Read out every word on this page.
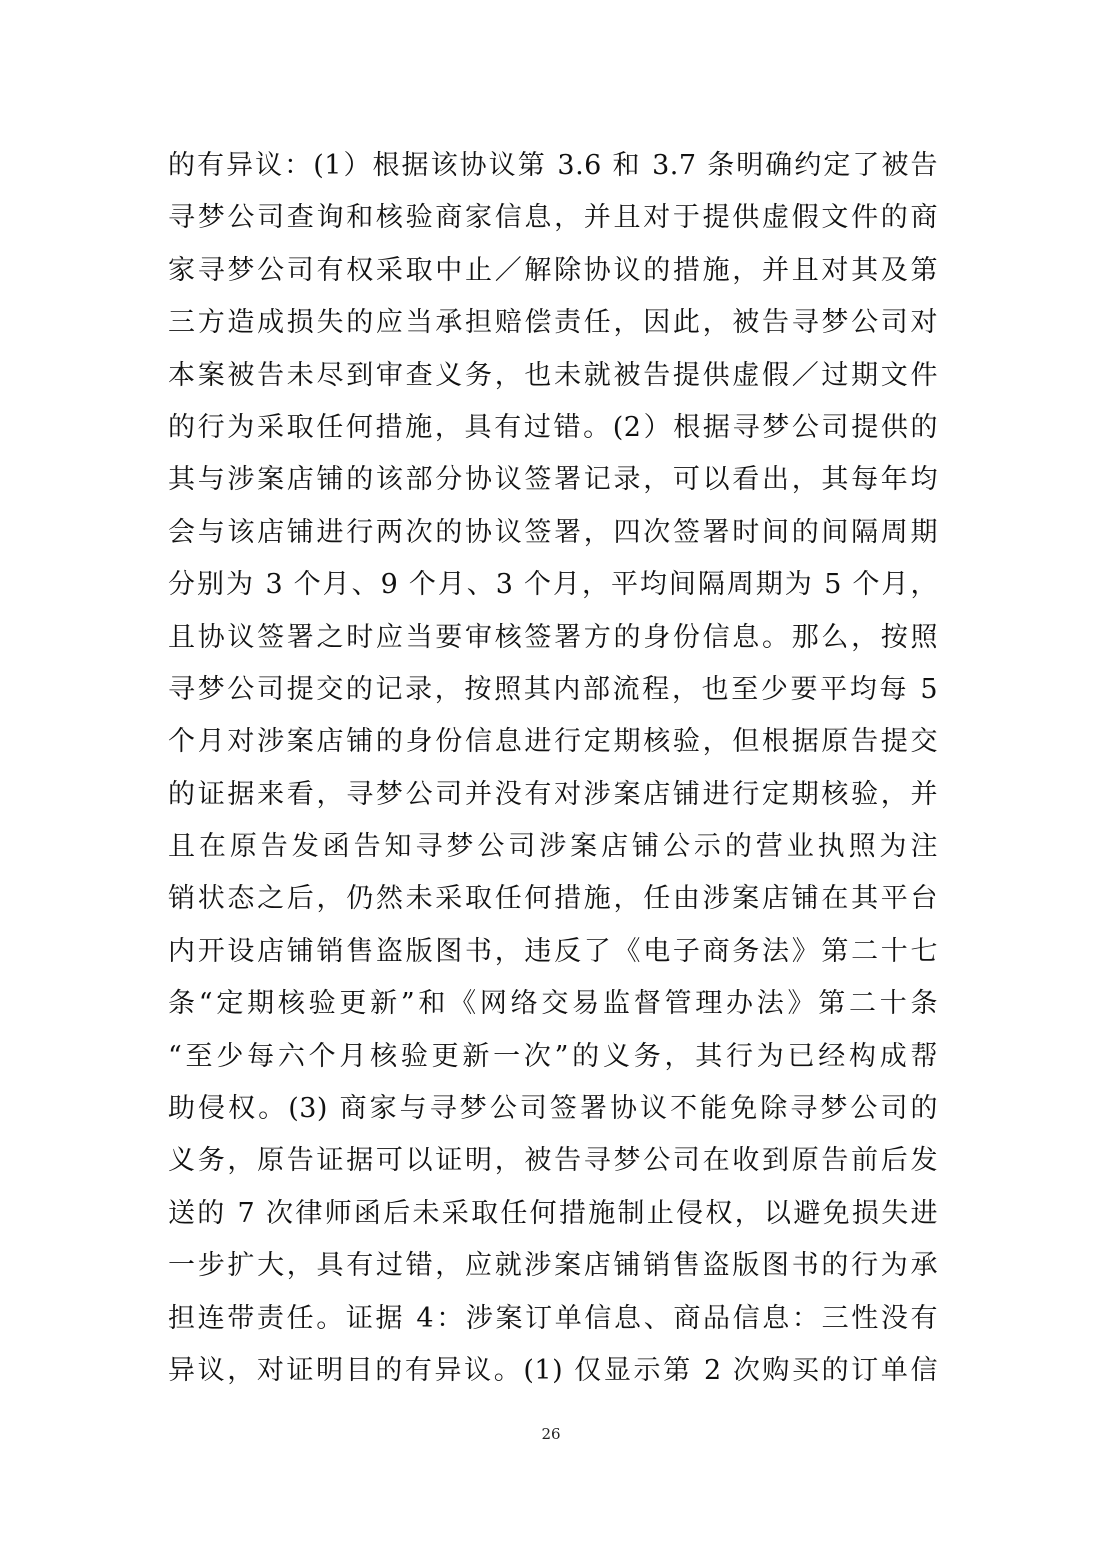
的有异议：(1）根据该协议第 3.6 和 3.7 条明确约定了被告
寻梦公司查询和核验商家信息，并且对于提供虚假文件的商
家寻梦公司有权采取中止／解除协议的措施，并且对其及第
三方造成损失的应当承担赔偿责任，因此，被告寻梦公司对
本案被告未尽到审查义务，也未就被告提供虚假／过期文件
的行为采取任何措施，具有过错。(2）根据寻梦公司提供的
其与涉案店铺的该部分协议签署记录，可以看出，其每年均
会与该店铺进行两次的协议签署，四次签署时间的间隔周期
分别为 3 个月、9 个月、3 个月，平均间隔周期为 5 个月，
且协议签署之时应当要审核签署方的身份信息。那么，按照
寻梦公司提交的记录，按照其内部流程，也至少要平均每 5
个月对涉案店铺的身份信息进行定期核验，但根据原告提交
的证据来看，寻梦公司并没有对涉案店铺进行定期核验，并
且在原告发函告知寻梦公司涉案店铺公示的营业执照为注
销状态之后，仍然未采取任何措施，任由涉案店铺在其平台
内开设店铺销售盗版图书，违反了《电子商务法》第二十七
条“定期核验更新”和《网络交易监督管理办法》第二十条
“至少每六个月核验更新一次”的义务，其行为已经构成帮
助侵权。(3) 商家与寻梦公司签署协议不能免除寻梦公司的
义务，原告证据可以证明，被告寻梦公司在收到原告前后发
送的 7 次律师函后未采取任何措施制止侵权，以避免损失进
一步扩大，具有过错，应就涉案店铺销售盗版图书的行为承
担连带责任。证据 4：涉案订单信息、商品信息：三性没有
异议，对证明目的有异议。(1) 仅显示第 2 次购买的订单信
26
